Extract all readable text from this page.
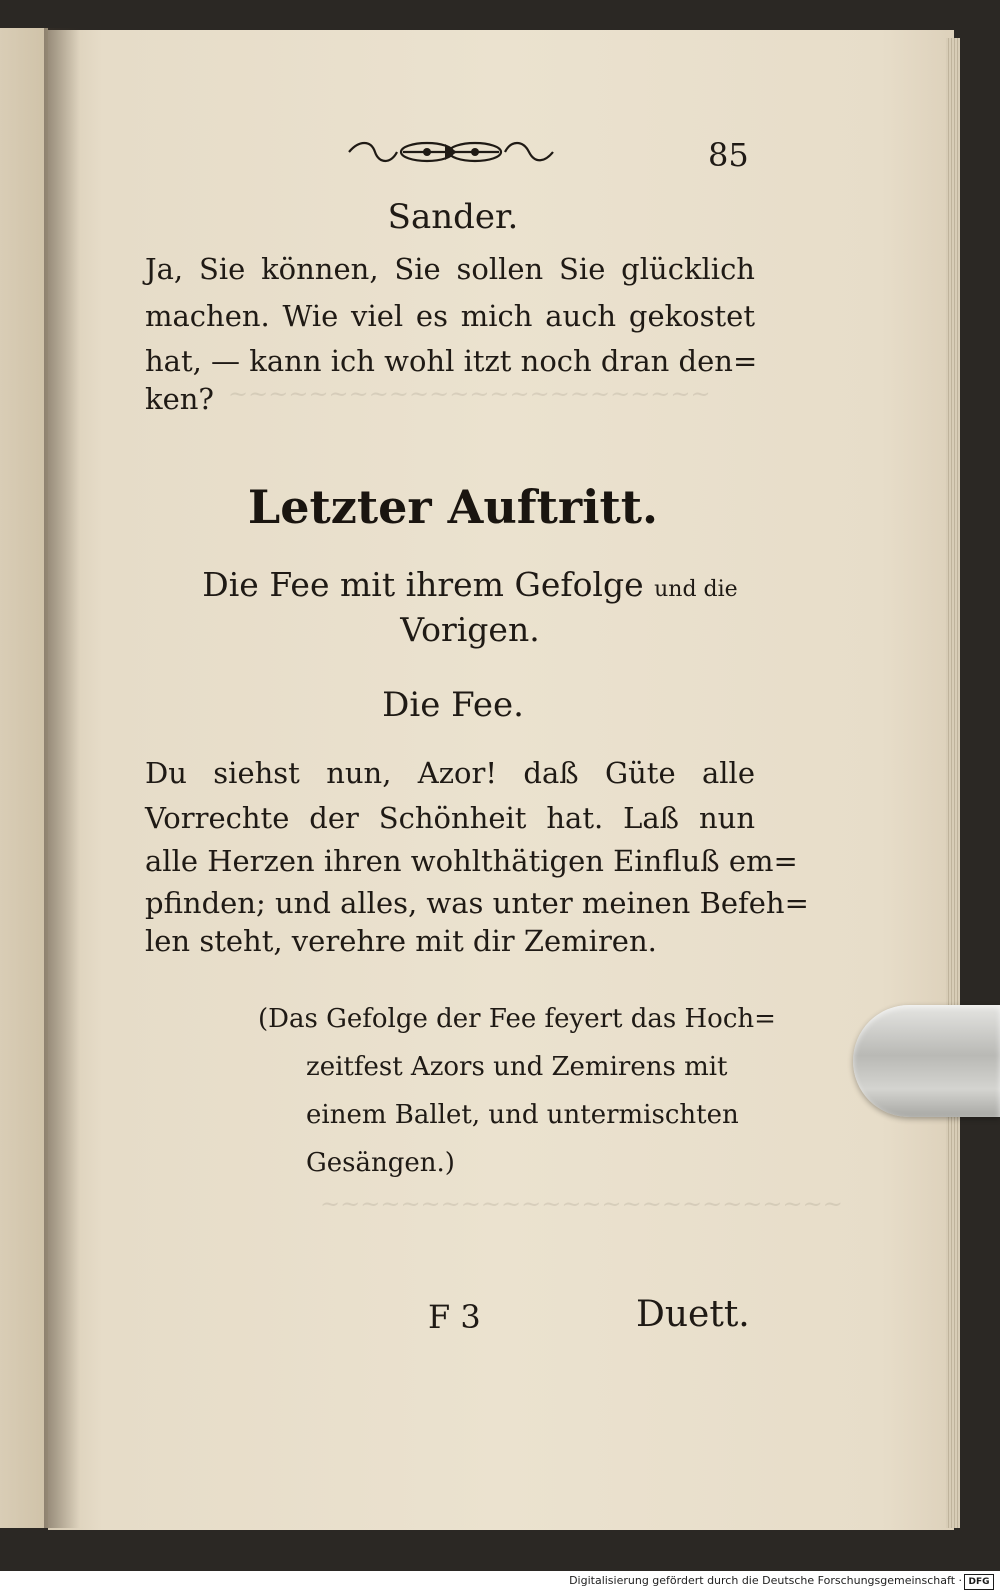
85
~~~~~~~~~~~~~~~~~~~~~~~~
~~~~~~~~~~~~~~~~~~~~~~~~~~
Sander.
Ja, Sie können, Sie sollen Sie glücklich
machen. Wie viel es mich auch gekostet
hat, — kann ich wohl itzt noch dran den=
ken?
Letzter Auftritt.
Die Fee mit ihrem Gefolge und die
Vorigen.
Die Fee.
Du siehst nun, Azor! daß Güte alle
Vorrechte der Schönheit hat. Laß nun
alle Herzen ihren wohlthätigen Einfluß em=
pfinden; und alles, was unter meinen Befeh=
len steht, verehre mit dir Zemiren.
(Das Gefolge der Fee feyert das Hoch=
zeitfest Azors und Zemirens mit
einem Ballet, und untermischten
Gesängen.)
F 3	Duett.
Digitalisierung gefördert durch die Deutsche Forschungsgemeinschaft · DFG
